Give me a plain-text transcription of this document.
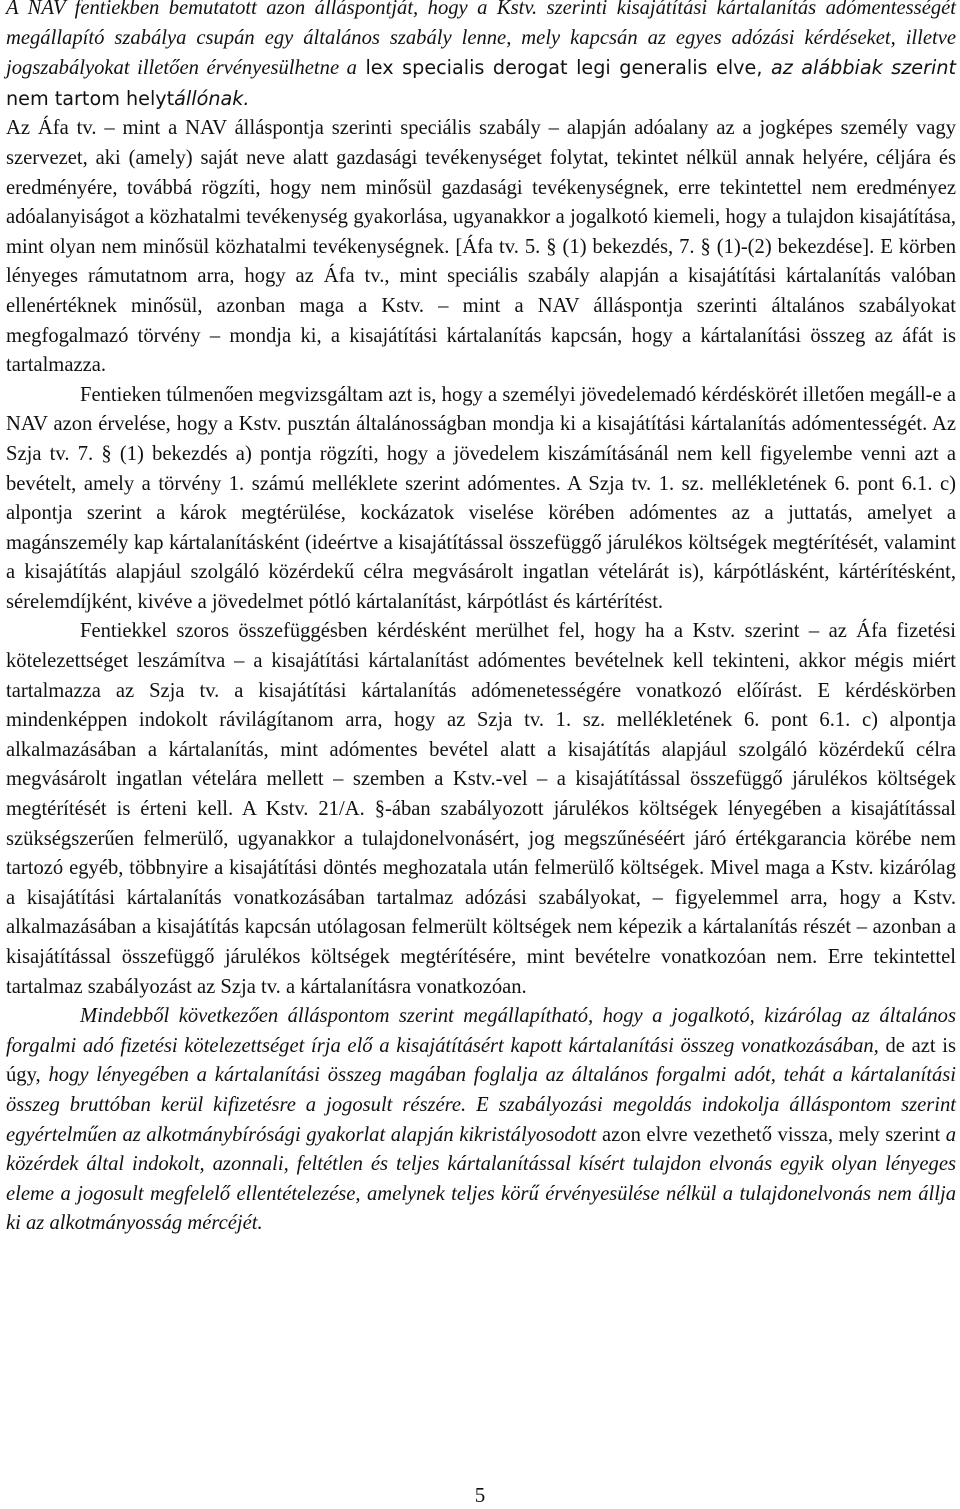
A NAV fentiekben bemutatott azon álláspontját, hogy a Kstv. szerinti kisajátítási kártalanítás adómentességét megállapító szabálya csupán egy általános szabály lenne, mely kapcsán az egyes adózási kérdéseket, illetve jogszabályokat illetően érvényesülhetne a lex specialis derogat legi generalis elve, az alábbiak szerint nem tartom helytállónak.

Az Áfa tv. – mint a NAV álláspontja szerinti speciális szabály – alapján adóalany az a jogképes személy vagy szervezet, aki (amely) saját neve alatt gazdasági tevékenységet folytat, tekintet nélkül annak helyére, céljára és eredményére, továbbá rögzíti, hogy nem minősül gazdasági tevékenységnek, erre tekintettel nem eredményez adóalanyiságot a közhatalmi tevékenység gyakorlása, ugyanakkor a jogalkotó kiemeli, hogy a tulajdon kisajátítása, mint olyan nem minősül közhatalmi tevékenységnek. [Áfa tv. 5. § (1) bekezdés, 7. § (1)-(2) bekezdése]. E körben lényeges rámutatnom arra, hogy az Áfa tv., mint speciális szabály alapján a kisajátítási kártalanítás valóban ellenértéknek minősül, azonban maga a Kstv. – mint a NAV álláspontja szerinti általános szabályokat megfogalmazó törvény – mondja ki, a kisajátítási kártalanítás kapcsán, hogy a kártalanítási összeg az áfát is tartalmazza.

Fentieken túlmenően megvizsgáltam azt is, hogy a személyi jövedelemadó kérdéskörét illetően megáll-e a NAV azon érvelése, hogy a Kstv. pusztán általánosságban mondja ki a kisajátítási kártalanítás adómentességét. Az Szja tv. 7. § (1) bekezdés a) pontja rögzíti, hogy a jövedelem kiszámításánál nem kell figyelembe venni azt a bevételt, amely a törvény 1. számú melléklete szerint adómentes. A Szja tv. 1. sz. mellékletének 6. pont 6.1. c) alpontja szerint a károk megtérülése, kockázatok viselése körében adómentes az a juttatás, amelyet a magánszemély kap kártalanításként (ideértve a kisajátítással összefüggő járulékos költségek megtérítését, valamint a kisajátítás alapjául szolgáló közérdekű célra megvásárolt ingatlan vételárát is), kárpótlásként, kártérítésként, sérelemdíjként, kivéve a jövedelmet pótló kártalanítást, kárpótlást és kártérítést.

Fentiekkel szoros összefüggésben kérdésként merülhet fel, hogy ha a Kstv. szerint – az Áfa fizetési kötelezettséget leszámítva – a kisajátítási kártalanítást adómentes bevételnek kell tekinteni, akkor mégis miért tartalmazza az Szja tv. a kisajátítási kártalanítás adómenetességére vonatkozó előírást. E kérdéskörben mindenképpen indokolt rávilágítanom arra, hogy az Szja tv. 1. sz. mellékletének 6. pont 6.1. c) alpontja alkalmazásában a kártalanítás, mint adómentes bevétel alatt a kisajátítás alapjául szolgáló közérdekű célra megvásárolt ingatlan vételára mellett – szemben a Kstv.-vel – a kisajátítással összefüggő járulékos költségek megtérítését is érteni kell. A Kstv. 21/A. §-ában szabályozott járulékos költségek lényegében a kisajátítással szükségszerűen felmerülő, ugyanakkor a tulajdonelvonásért, jog megszűnéséért járó értékgarancia körébe nem tartozó egyéb, többnyire a kisajátítási döntés meghozatala után felmerülő költségek. Mivel maga a Kstv. kizárólag a kisajátítási kártalanítás vonatkozásában tartalmaz adózási szabályokat, – figyelemmel arra, hogy a Kstv. alkalmazásában a kisajátítás kapcsán utólagosan felmerült költségek nem képezik a kártalanítás részét – azonban a kisajátítással összefüggő járulékos költségek megtérítésére, mint bevételre vonatkozóan nem. Erre tekintettel tartalmaz szabályozást az Szja tv. a kártalanításra vonatkozóan.

Mindebből következően álláspontom szerint megállapítható, hogy a jogalkotó, kizárólag az általános forgalmi adó fizetési kötelezettséget írja elő a kisajátításért kapott kártalanítási összeg vonatkozásában, de azt is úgy, hogy lényegében a kártalanítási összeg magában foglalja az általános forgalmi adót, tehát a kártalanítási összeg bruttóban kerül kifizetésre a jogosult részére. E szabályozási megoldás indokolja álláspontom szerint egyértelműen az alkotmánybírósági gyakorlat alapján kikristályosodott azon elvre vezethető vissza, mely szerint a közérdek által indokolt, azonnali, feltétlen és teljes kártalanítással kísért tulajdon elvonás egyik olyan lényeges eleme a jogosult megfelelő ellentételezése, amelynek teljes körű érvényesülése nélkül a tulajdonelvonás nem állja ki az alkotmányosság mércéjét.

5
